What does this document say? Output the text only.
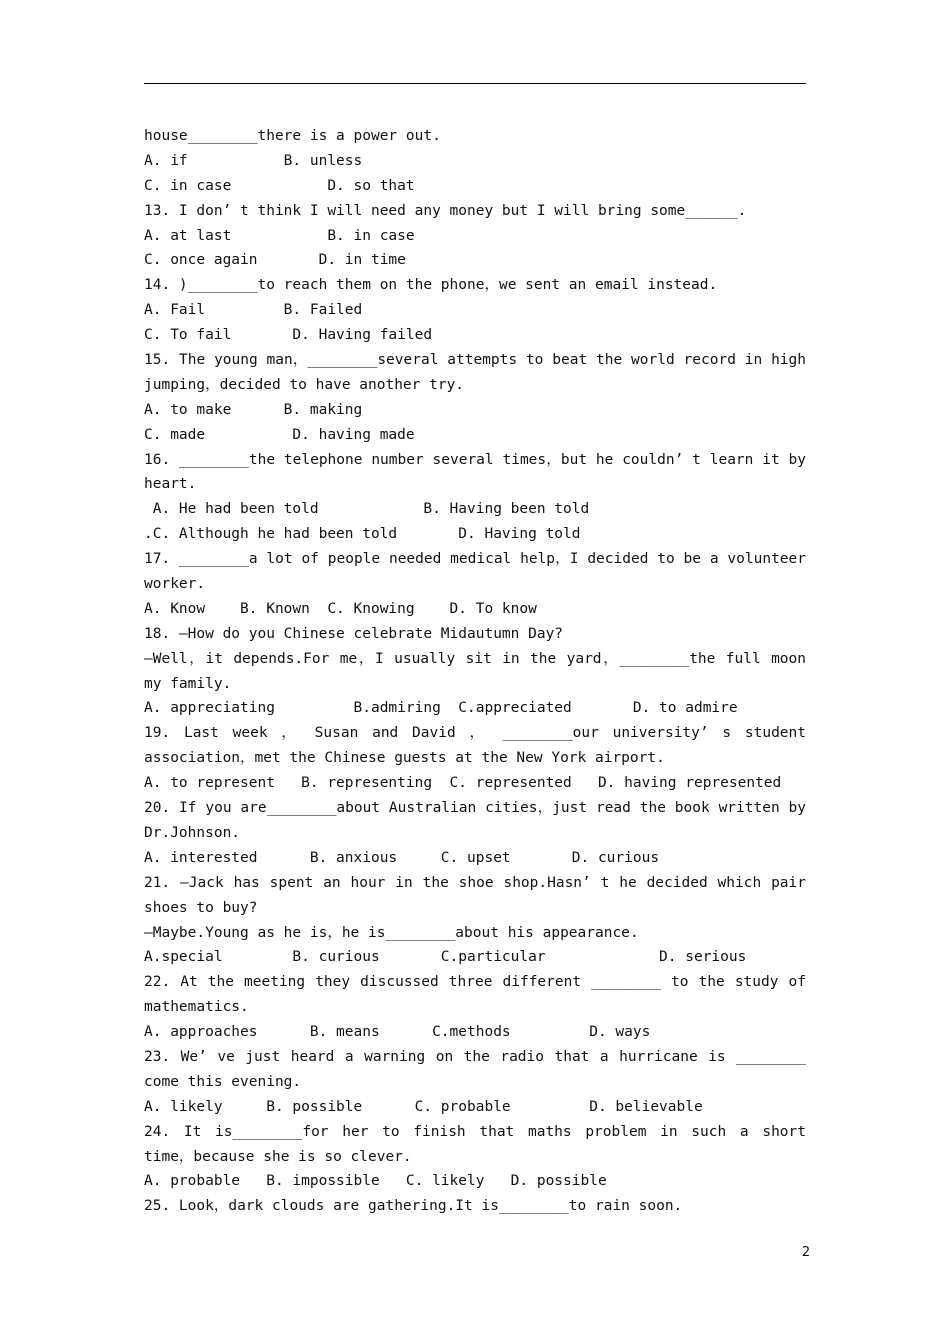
house________there is a power out.
A. if           B. unless
C. in case           D. so that
13. I don’ t think I will need any money but I will bring some______.
A. at last           B. in case
C. once again       D. in time
14. )________to reach them on the phone，we sent an email instead.
A. Fail         B. Failed
C. To fail       D. Having failed
15. The young man，________several attempts to beat the world record in high
jumping，decided to have another try.
A. to make      B. making
C. made          D. having made
16. ________the telephone number several times，but he couldn’ t learn it by
heart.
A. He had been told            B. Having been told
.C. Although he had been told       D. Having told
17. ________a lot of people needed medical help，I decided to be a volunteer
worker.
A. Know    B. Known  C. Knowing    D. To know
18. —How do you Chinese celebrate Midautumn Day?
—Well，it depends.For me，I usually sit in the yard，________the full moon
my family.
A. appreciating         B.admiring  C.appreciated       D. to admire
19. Last week ， Susan and David ， ________our university’ s student
association，met the Chinese guests at the New York airport.
A. to represent   B. representing  C. represented   D. having represented
20. If you are________about Australian cities，just read the book written by
Dr.Johnson.
A. interested      B. anxious     C. upset       D. curious
21. —Jack has spent an hour in the shoe shop.Hasn’ t he decided which pair
shoes to buy?
—Maybe.Young as he is，he is________about his appearance.
A.special        B. curious       C.particular             D. serious
22. At the meeting they discussed three different ________ to the study of
mathematics.
A. approaches      B. means      C.methods         D. ways
23. We’ ve just heard a warning on the radio that a hurricane is ________
come this evening.
A. likely     B. possible      C. probable         D. believable
24. It is________for her to finish that maths problem in such a short
time，because she is so clever.
A. probable   B. impossible   C. likely   D. possible
25. Look，dark clouds are gathering.It is________to rain soon.
2
